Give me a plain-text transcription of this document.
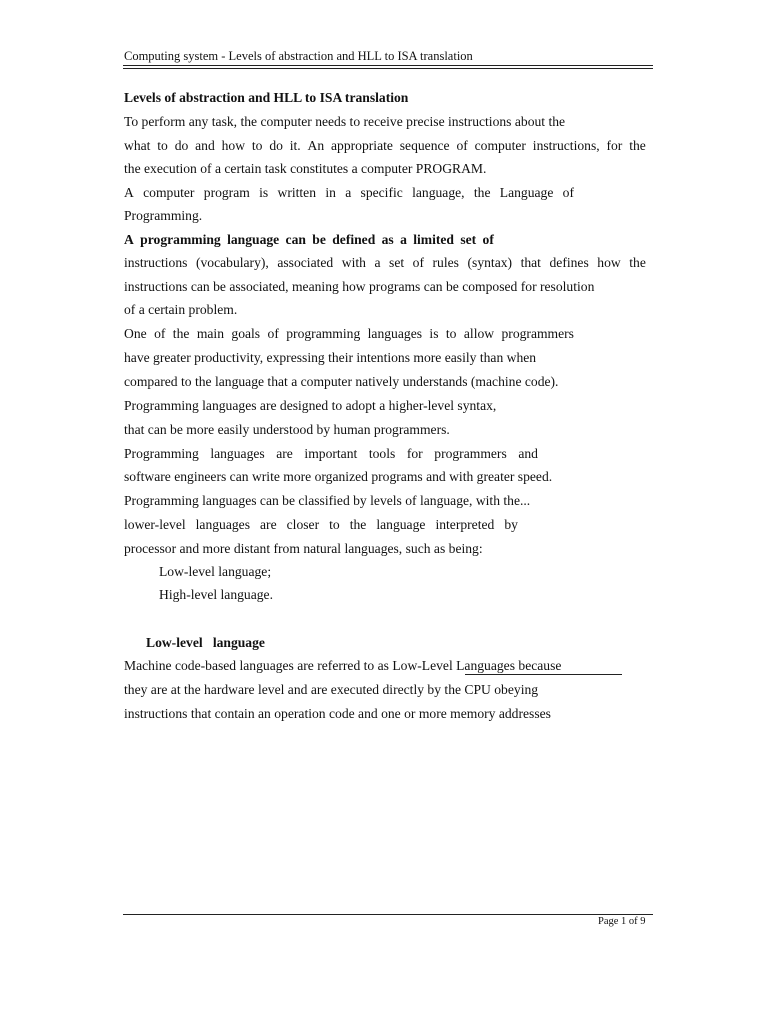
Computing system - Levels of abstraction and HLL to ISA translation
Levels of abstraction and HLL to ISA translation
To perform any task, the computer needs to receive precise instructions about the
what to do and how to do it. An appropriate sequence of computer instructions, for the
the execution of a certain task constitutes a computer PROGRAM.
A computer program is written in a specific language, the Language of
Programming.
A programming language can be defined as a limited set of
instructions (vocabulary), associated with a set of rules (syntax) that defines how the
instructions can be associated, meaning how programs can be composed for resolution
of a certain problem.
One of the main goals of programming languages is to allow programmers
have greater productivity, expressing their intentions more easily than when
compared to the language that a computer natively understands (machine code).
Programming languages are designed to adopt a higher-level syntax,
that can be more easily understood by human programmers.
Programming languages are important tools for programmers and
software engineers can write more organized programs and with greater speed.
Programming languages can be classified by levels of language, with the...
lower-level languages are closer to the language interpreted by
processor and more distant from natural languages, such as being:
Low-level language;
High-level language.
Low-level   language
Machine code-based languages are referred to as Low-Level Languages because
they are at the hardware level and are executed directly by the CPU obeying
instructions that contain an operation code and one or more memory addresses
Page 1 of 9
